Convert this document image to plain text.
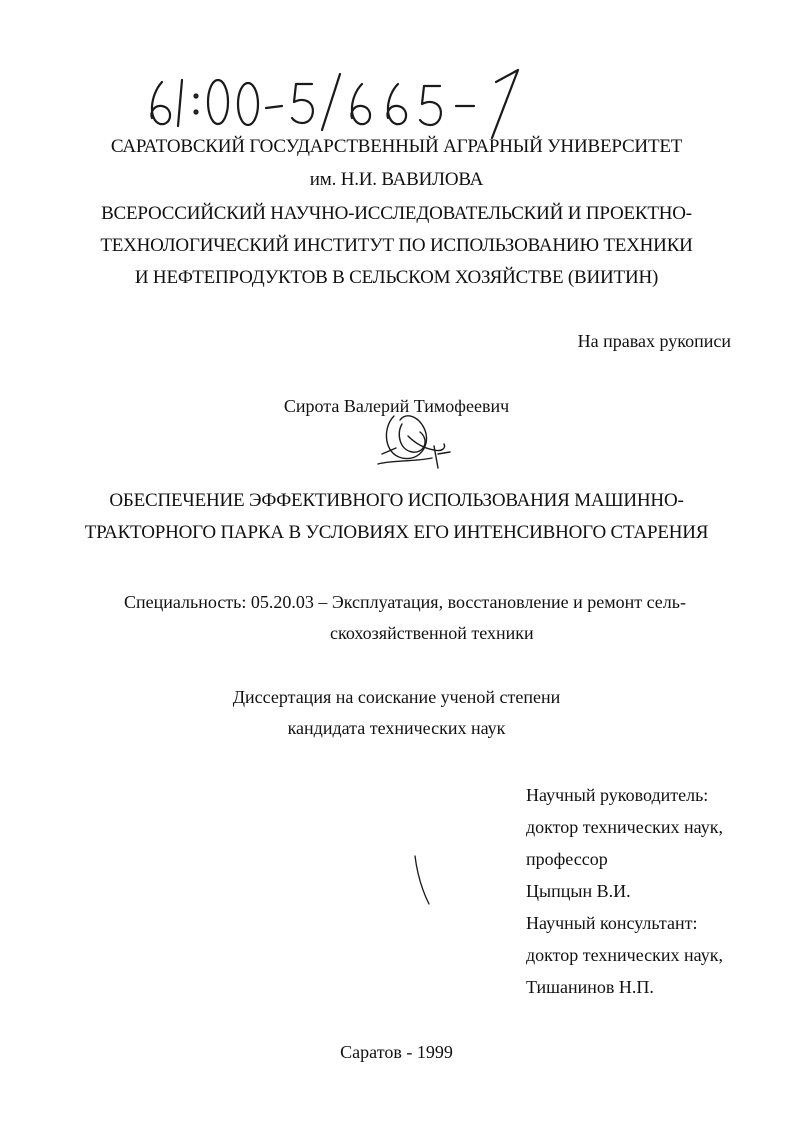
САРАТОВСКИЙ ГОСУДАРСТВЕННЫЙ АГРАРНЫЙ УНИВЕРСИТЕТ
им. Н.И. ВАВИЛОВА
ВСЕРОССИЙСКИЙ НАУЧНО-ИССЛЕДОВАТЕЛЬСКИЙ И ПРОЕКТНО-
ТЕХНОЛОГИЧЕСКИЙ ИНСТИТУТ ПО ИСПОЛЬЗОВАНИЮ ТЕХНИКИ
И НЕФТЕПРОДУКТОВ В СЕЛЬСКОМ ХОЗЯЙСТВЕ (ВИИТИН)
На правах рукописи
Сирота Валерий Тимофеевич
ОБЕСПЕЧЕНИЕ ЭФФЕКТИВНОГО ИСПОЛЬЗОВАНИЯ МАШИННО-
ТРАКТОРНОГО ПАРКА В УСЛОВИЯХ ЕГО ИНТЕНСИВНОГО СТАРЕНИЯ
Специальность: 05.20.03 – Эксплуатация, восстановление и ремонт сель-
скохозяйственной техники
Диссертация на соискание ученой степени
кандидата технических наук
Научный руководитель:
доктор технических наук,
профессор
Цыпцын В.И.
Научный консультант:
доктор технических наук,
Тишанинов Н.П.
Саратов - 1999
